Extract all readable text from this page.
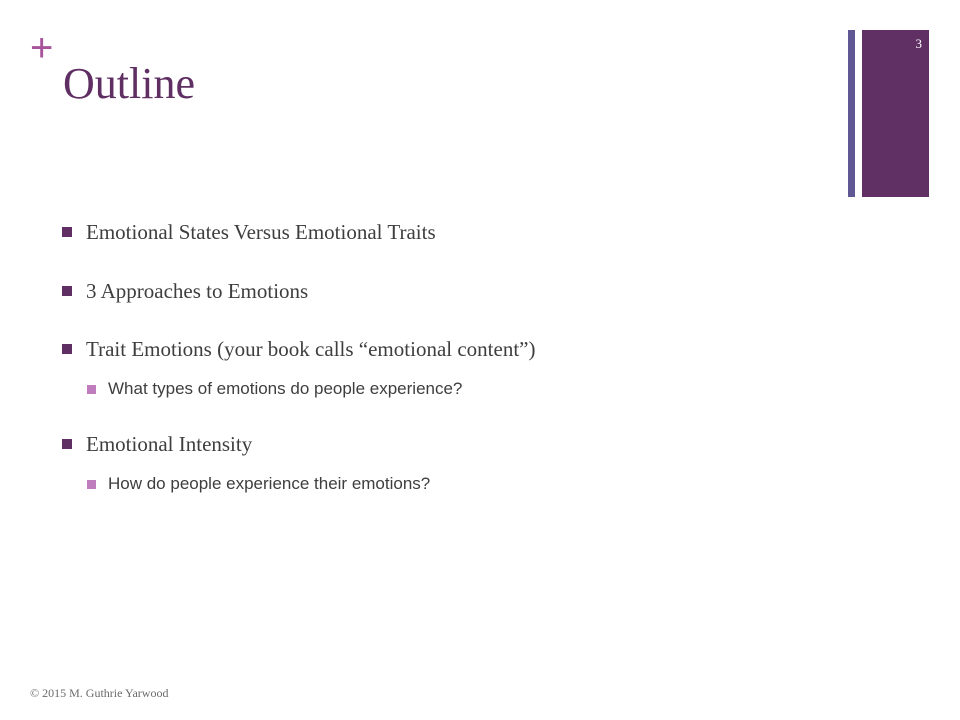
+
Outline
3
Emotional States Versus Emotional Traits
3 Approaches to Emotions
Trait Emotions (your book calls “emotional content”)
What types of emotions do people experience?
Emotional Intensity
How do people experience their emotions?
© 2015 M. Guthrie Yarwood
